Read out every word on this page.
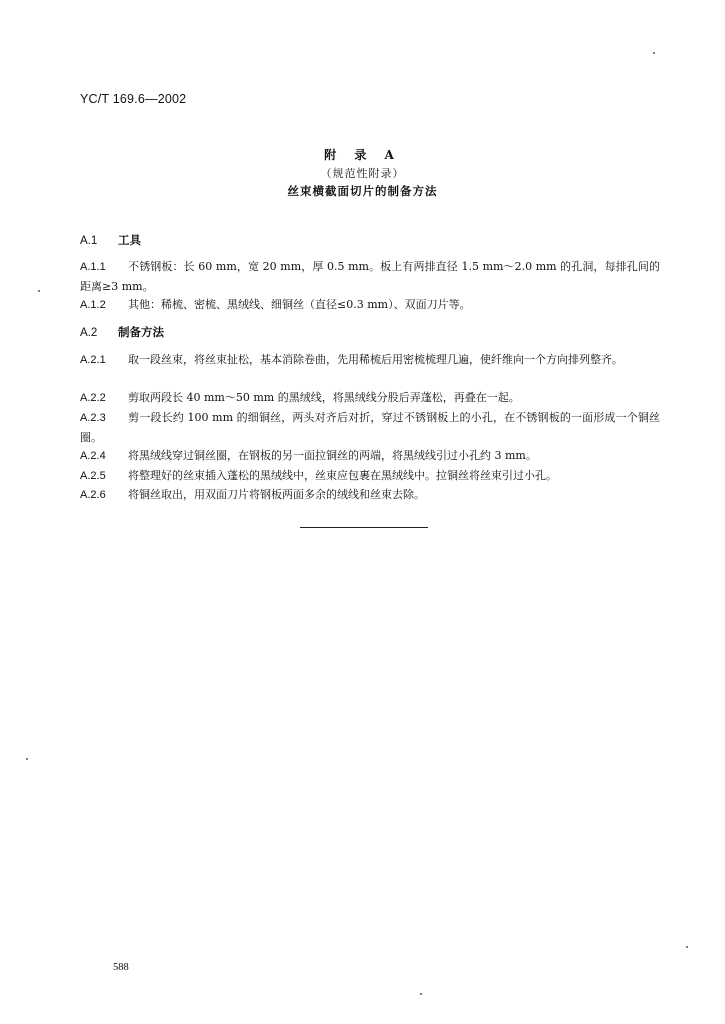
YC/T 169.6—2002
附 录 A
（规范性附录）
丝束横截面切片的制备方法
A.1 工具
A.1.1 不锈钢板：长 60 mm，宽 20 mm，厚 0.5 mm。板上有两排直径 1.5 mm～2.0 mm 的孔洞，每排孔间的距离≥3 mm。
A.1.2 其他：稀梳、密梳、黑绒线、细铜丝（直径≤0.3 mm）、双面刀片等。
A.2 制备方法
A.2.1 取一段丝束，将丝束扯松，基本消除卷曲，先用稀梳后用密梳梳理几遍，使纤维向一个方向排列整齐。
A.2.2 剪取两段长 40 mm～50 mm 的黑绒线，将黑绒线分股后弄蓬松，再叠在一起。
A.2.3 剪一段长约 100 mm 的细铜丝，两头对齐后对折，穿过不锈钢板上的小孔，在不锈钢板的一面形成一个铜丝圈。
A.2.4 将黑绒线穿过铜丝圈，在钢板的另一面拉铜丝的两端，将黑绒线引过小孔约 3 mm。
A.2.5 将整理好的丝束插入蓬松的黑绒线中，丝束应包裹在黑绒线中。拉铜丝将丝束引过小孔。
A.2.6 将铜丝取出，用双面刀片将钢板两面多余的绒线和丝束去除。
588
